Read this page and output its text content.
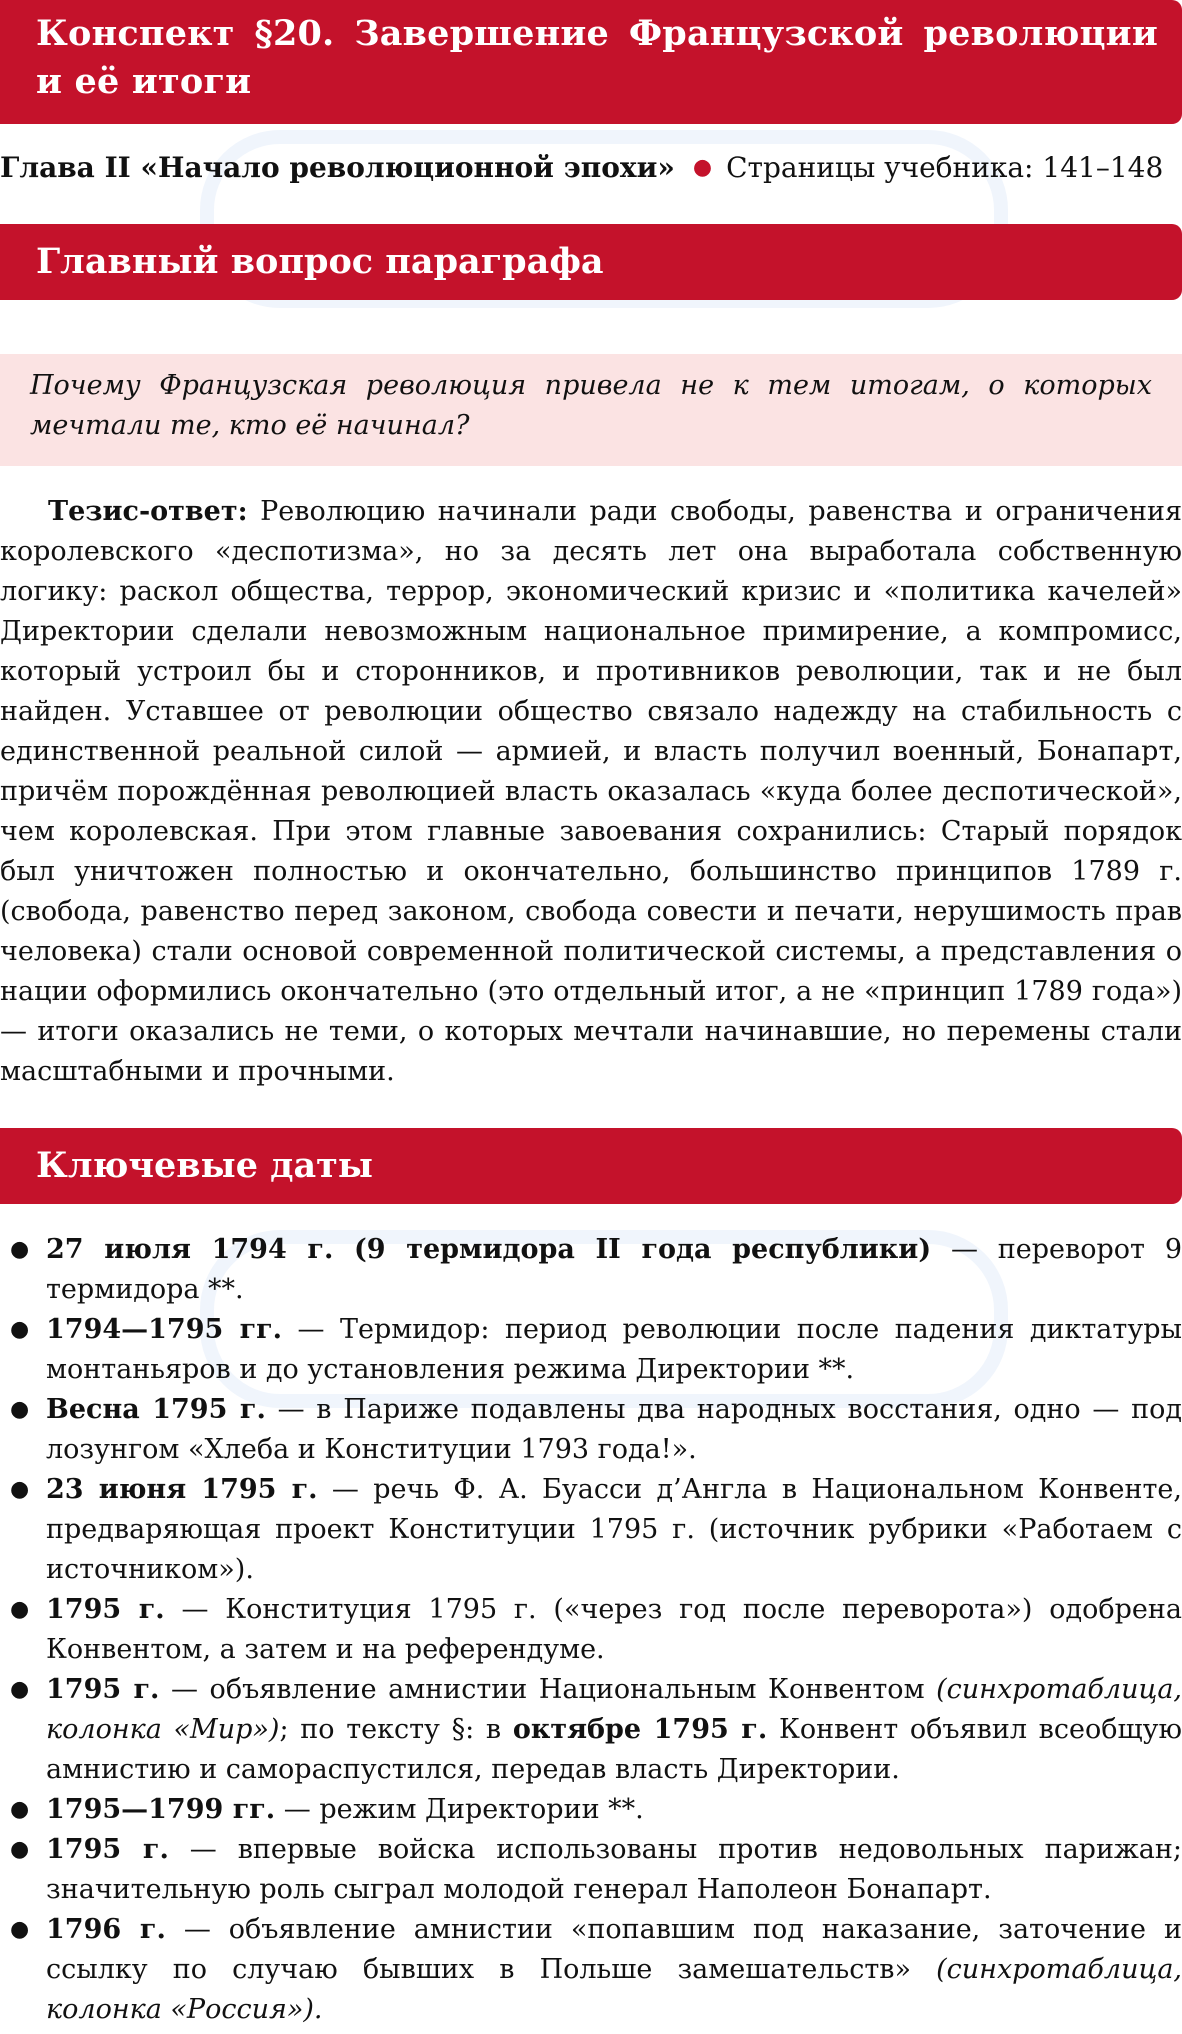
Конспект §20. Завершение Французской революции и её итоги
Глава II «Начало революционной эпохи» ● Страницы учебника: 141–148
Главный вопрос параграфа
Почему Французская революция привела не к тем итогам, о которых мечтали те, кто её начинал?
Тезис-ответ: Революцию начинали ради свободы, равенства и ограничения королевского «деспотизма», но за десять лет она выработала собственную логику: раскол общества, террор, экономический кризис и «политика качелей» Директории сделали невозможным национальное примирение, а компромисс, который устроил бы и сторонников, и противников революции, так и не был найден. Уставшее от революции общество связало надежду на стабильность с единственной реальной силой — армией, и власть получил военный, Бонапарт, причём порождённая революцией власть оказалась «куда более деспотической», чем королевская. При этом главные завоевания сохранились: Старый порядок был уничтожен полностью и окончательно, большинство принципов 1789 г. (свобода, равенство перед законом, свобода совести и печати, нерушимость прав человека) стали основой современной политической системы, а представления о нации оформились окончательно (это отдельный итог, а не «принцип 1789 года») — итоги оказались не теми, о которых мечтали начинавшие, но перемены стали масштабными и прочными.
Ключевые даты
● 27 июля 1794 г. (9 термидора II года республики) — переворот 9 термидора **.
● 1794—1795 гг. — Термидор: период революции после падения диктатуры монтаньяров и до установления режима Директории **.
● Весна 1795 г. — в Париже подавлены два народных восстания, одно — под лозунгом «Хлеба и Конституции 1793 года!».
● 23 июня 1795 г. — речь Ф. А. Буасси д’Англа в Национальном Конвенте, предваряющая проект Конституции 1795 г. (источник рубрики «Работаем с источником»).
● 1795 г. — Конституция 1795 г. («через год после переворота») одобрена Конвентом, а затем и на референдуме.
● 1795 г. — объявление амнистии Национальным Конвентом (синхротаблица, колонка «Мир»); по тексту §: в октябре 1795 г. Конвент объявил всеобщую амнистию и самораспустился, передав власть Директории.
● 1795—1799 гг. — режим Директории **.
● 1795 г. — впервые войска использованы против недовольных парижан; значительную роль сыграл молодой генерал Наполеон Бонапарт.
● 1796 г. — объявление амнистии «попавшим под наказание, заточение и ссылку по случаю бывших в Польше замешательств» (синхротаблица, колонка «Россия»).
